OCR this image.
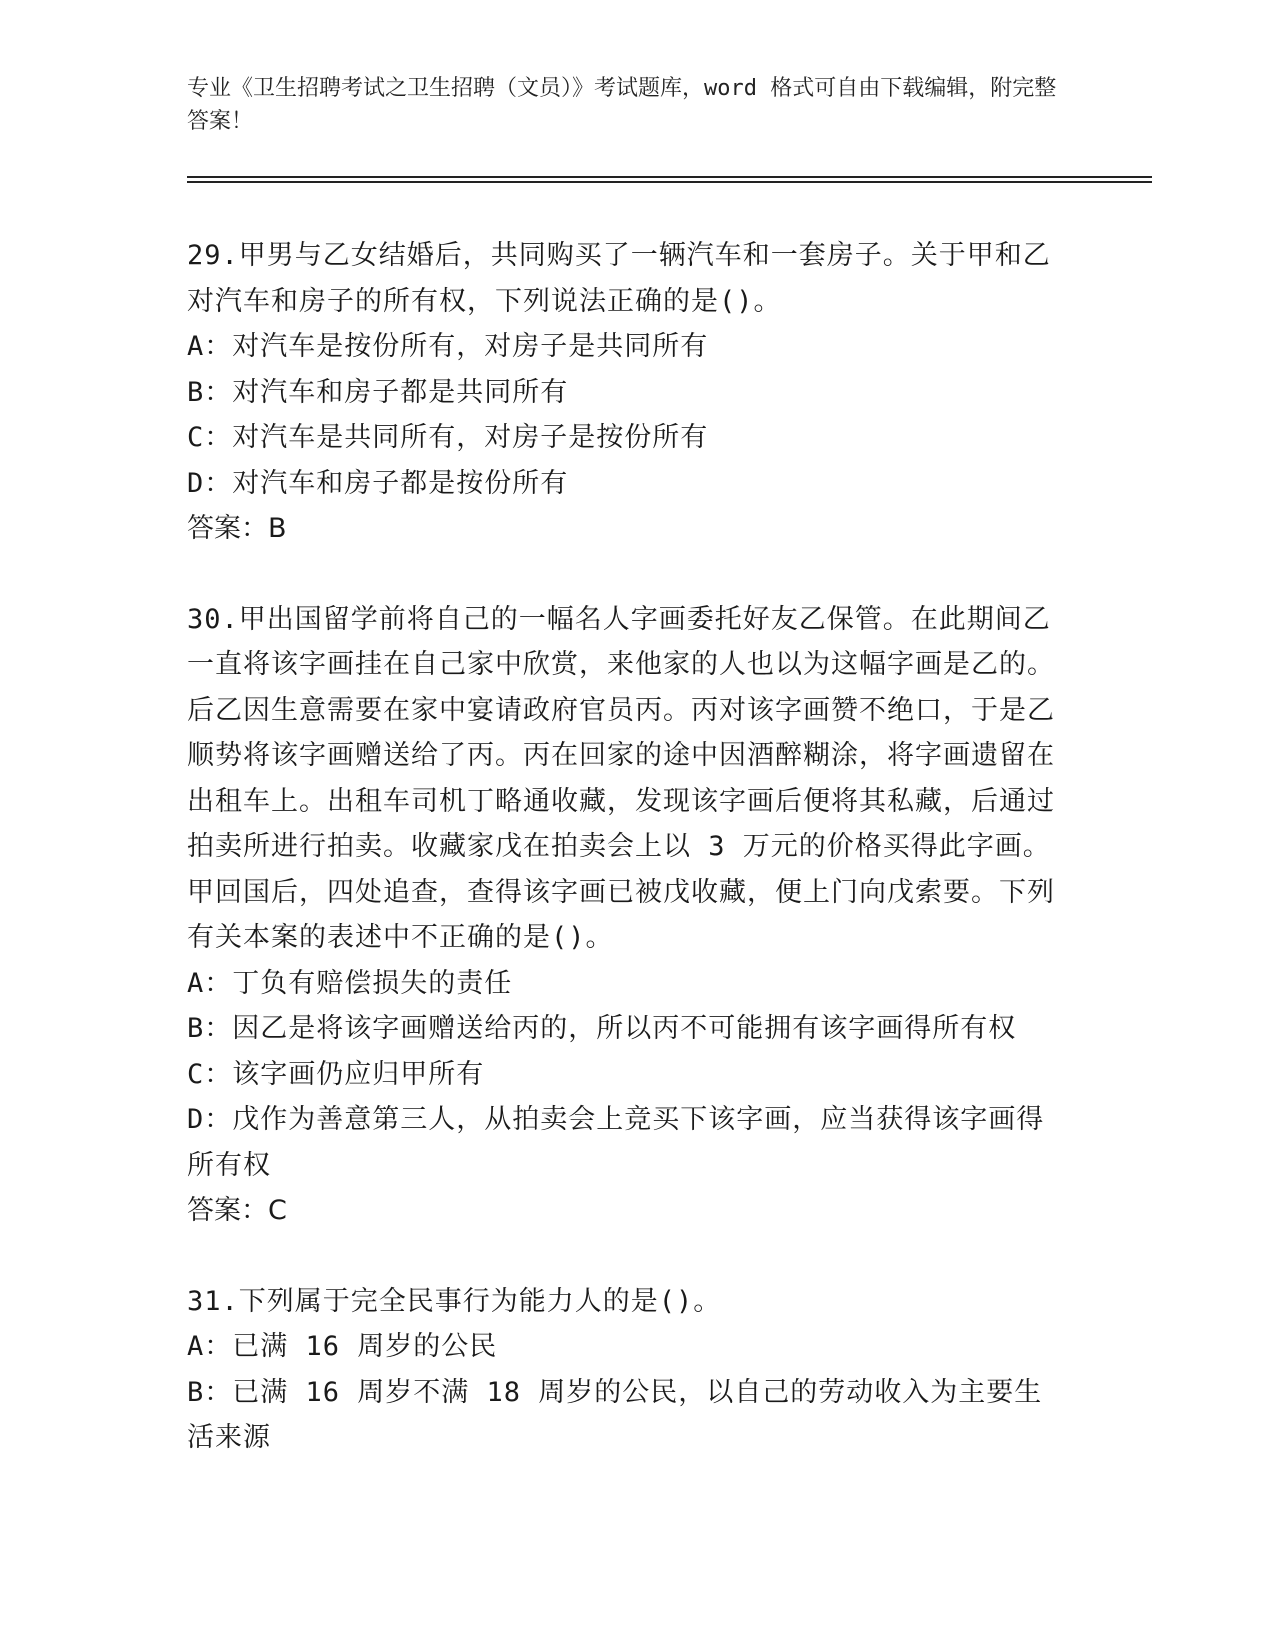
专业《卫生招聘考试之卫生招聘（文员）》考试题库，word 格式可自由下载编辑，附完整答案！

29.甲男与乙女结婚后，共同购买了一辆汽车和一套房子。关于甲和乙对汽车和房子的所有权，下列说法正确的是()。

A：对汽车是按份所有，对房子是共同所有

B：对汽车和房子都是共同所有

C：对汽车是共同所有，对房子是按份所有

D：对汽车和房子都是按份所有

答案：B

30.甲出国留学前将自己的一幅名人字画委托好友乙保管。在此期间乙一直将该字画挂在自己家中欣赏，来他家的人也以为这幅字画是乙的。后乙因生意需要在家中宴请政府官员丙。丙对该字画赞不绝口，于是乙顺势将该字画赠送给了丙。丙在回家的途中因酒醉糊涂，将字画遗留在出租车上。出租车司机丁略通收藏，发现该字画后便将其私藏，后通过拍卖所进行拍卖。收藏家戊在拍卖会上以 3 万元的价格买得此字画。甲回国后，四处追查，查得该字画已被戊收藏，便上门向戊索要。下列有关本案的表述中不正确的是()。

A：丁负有赔偿损失的责任

B：因乙是将该字画赠送给丙的，所以丙不可能拥有该字画得所有权

C：该字画仍应归甲所有

D：戊作为善意第三人，从拍卖会上竞买下该字画，应当获得该字画得所有权

答案：C

31.下列属于完全民事行为能力人的是()。

A：已满 16 周岁的公民

B：已满 16 周岁不满 18 周岁的公民，以自己的劳动收入为主要生活来源
